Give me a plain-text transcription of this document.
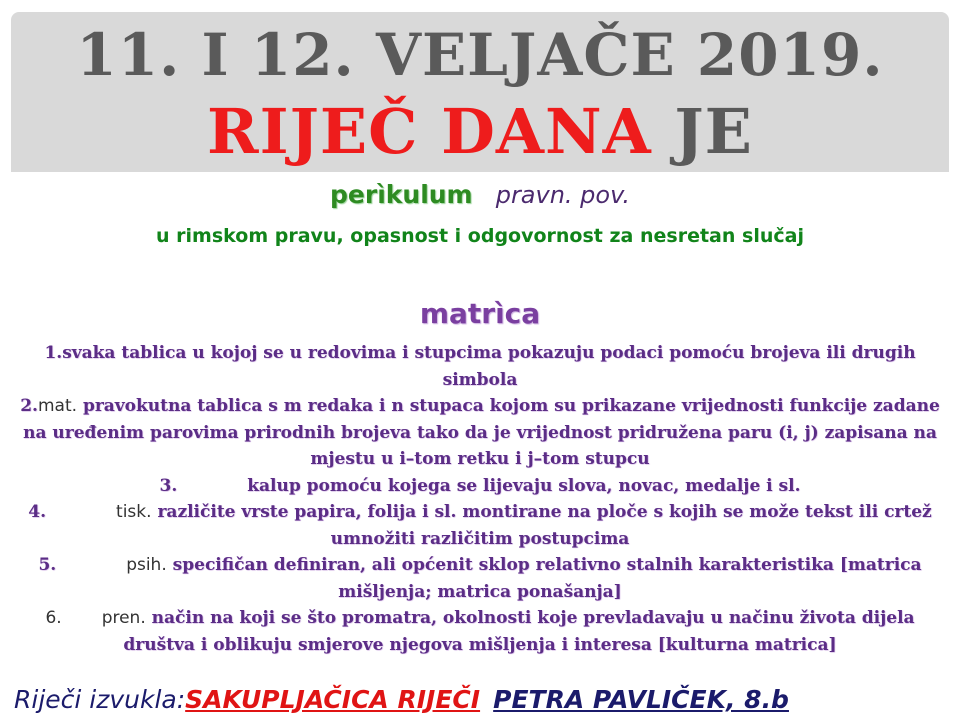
11. I 12. VELJAČE 2019.
RIJEČ DANA JE
perìkulum pravn. pov.
u rimskom pravu, opasnost i odgovornost za nesretan slučaj
matrìca

1.svaka tablica u kojoj se u redovima i stupcima pokazuju podaci pomoću brojeva ili drugih simbola

2.mat. pravokutna tablica s m redaka i n stupaca kojom su prikazane vrijednosti funkcije zadane na uređenim parovima prirodnih brojeva tako da je vrijednost pridružena paru (i, j) zapisana na mjestu u i–tom retku i j–tom stupcu

3.	kalup pomoću kojega se lijevaju slova, novac, medalje i sl.

4.	tisk. različite vrste papira, folija i sl. montirane na ploče s kojih se može tekst ili crtež umnožiti različitim postupcima

5.	psih. specifičan definiran, ali općenit sklop relativno stalnih karakteristika [matrica mišljenja; matrica ponašanja]

6. pren. način na koji se što promatra, okolnosti koje prevladavaju u načinu života dijela društva i oblikuju smjerove njegova mišljenja i interesa [kulturna matrica]

Riječi izvukla:SAKUPLJAČICA RIJEČI PETRA PAVLIČEK, 8.b
